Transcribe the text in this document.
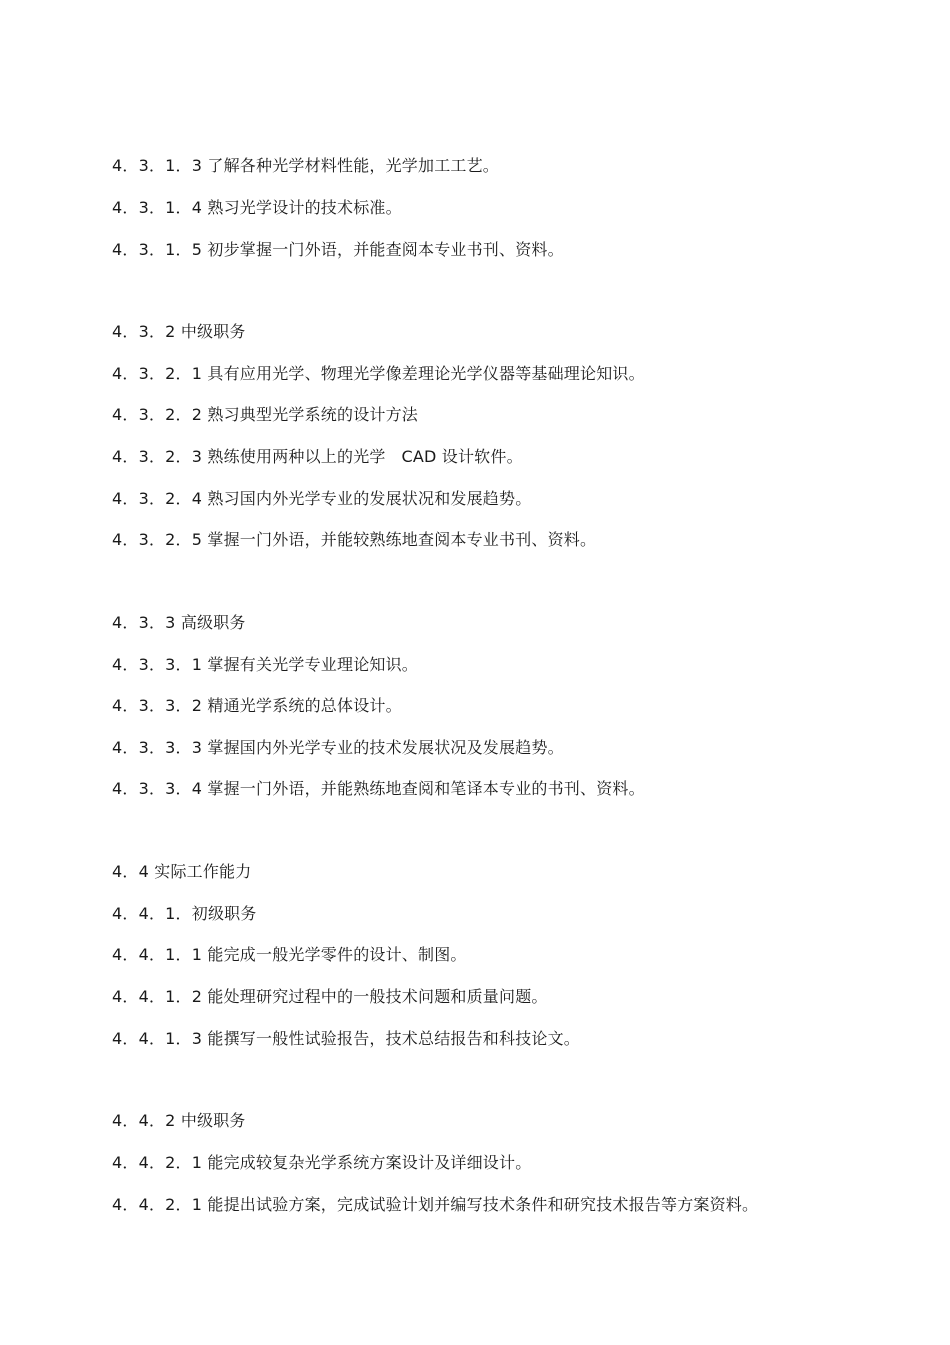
4．3．1．3 了解各种光学材料性能，光学加工工艺。
4．3．1．4 熟习光学设计的技术标准。
4．3．1．5 初步掌握一门外语，并能查阅本专业书刊、资料。
4．3．2 中级职务
4．3．2．1 具有应用光学、物理光学像差理论光学仪器等基础理论知识。
4．3．2．2 熟习典型光学系统的设计方法
4．3．2．3 熟练使用两种以上的光学   CAD 设计软件。
4．3．2．4 熟习国内外光学专业的发展状况和发展趋势。
4．3．2．5 掌握一门外语，并能较熟练地查阅本专业书刊、资料。
4．3．3 高级职务
4．3．3．1 掌握有关光学专业理论知识。
4．3．3．2 精通光学系统的总体设计。
4．3．3．3 掌握国内外光学专业的技术发展状况及发展趋势。
4．3．3．4 掌握一门外语，并能熟练地查阅和笔译本专业的书刊、资料。
4．4 实际工作能力
4．4．1．初级职务
4．4．1．1 能完成一般光学零件的设计、制图。
4．4．1．2 能处理研究过程中的一般技术问题和质量问题。
4．4．1．3 能撰写一般性试验报告，技术总结报告和科技论文。
4．4．2 中级职务
4．4．2．1 能完成较复杂光学系统方案设计及详细设计。
4．4．2．1 能提出试验方案，完成试验计划并编写技术条件和研究技术报告等方案资料。
